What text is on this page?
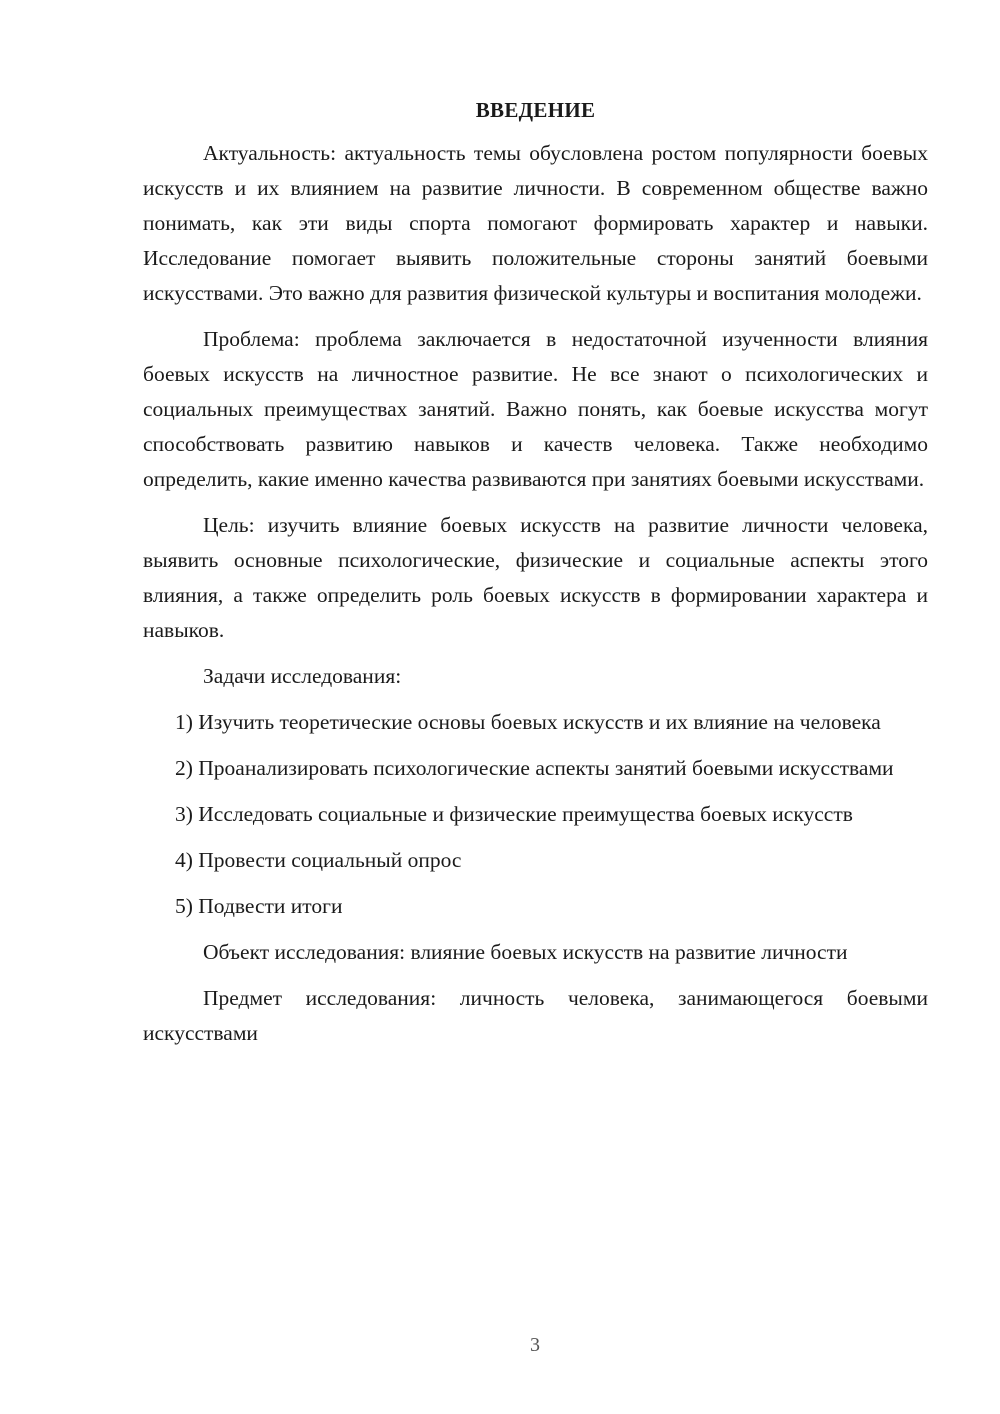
ВВЕДЕНИЕ

Актуальность: актуальность темы обусловлена ростом популярности боевых искусств и их влиянием на развитие личности. В современном обществе важно понимать, как эти виды спорта помогают формировать характер и навыки. Исследование помогает выявить положительные стороны занятий боевыми искусствами. Это важно для развития физической культуры и воспитания молодежи.

Проблема: проблема заключается в недостаточной изученности влияния боевых искусств на личностное развитие. Не все знают о психологических и социальных преимуществах занятий. Важно понять, как боевые искусства могут способствовать развитию навыков и качеств человека. Также необходимо определить, какие именно качества развиваются при занятиях боевыми искусствами.

Цель: изучить влияние боевых искусств на развитие личности человека, выявить основные психологические, физические и социальные аспекты этого влияния, а также определить роль боевых искусств в формировании характера и навыков.

Задачи исследования:

1) Изучить теоретические основы боевых искусств и их влияние на человека

2) Проанализировать психологические аспекты занятий боевыми искусствами

3) Исследовать социальные и физические преимущества боевых искусств

4) Провести социальный опрос

5) Подвести итоги

Объект исследования: влияние боевых искусств на развитие личности

Предмет исследования: личность человека, занимающегося боевыми искусствами

3
